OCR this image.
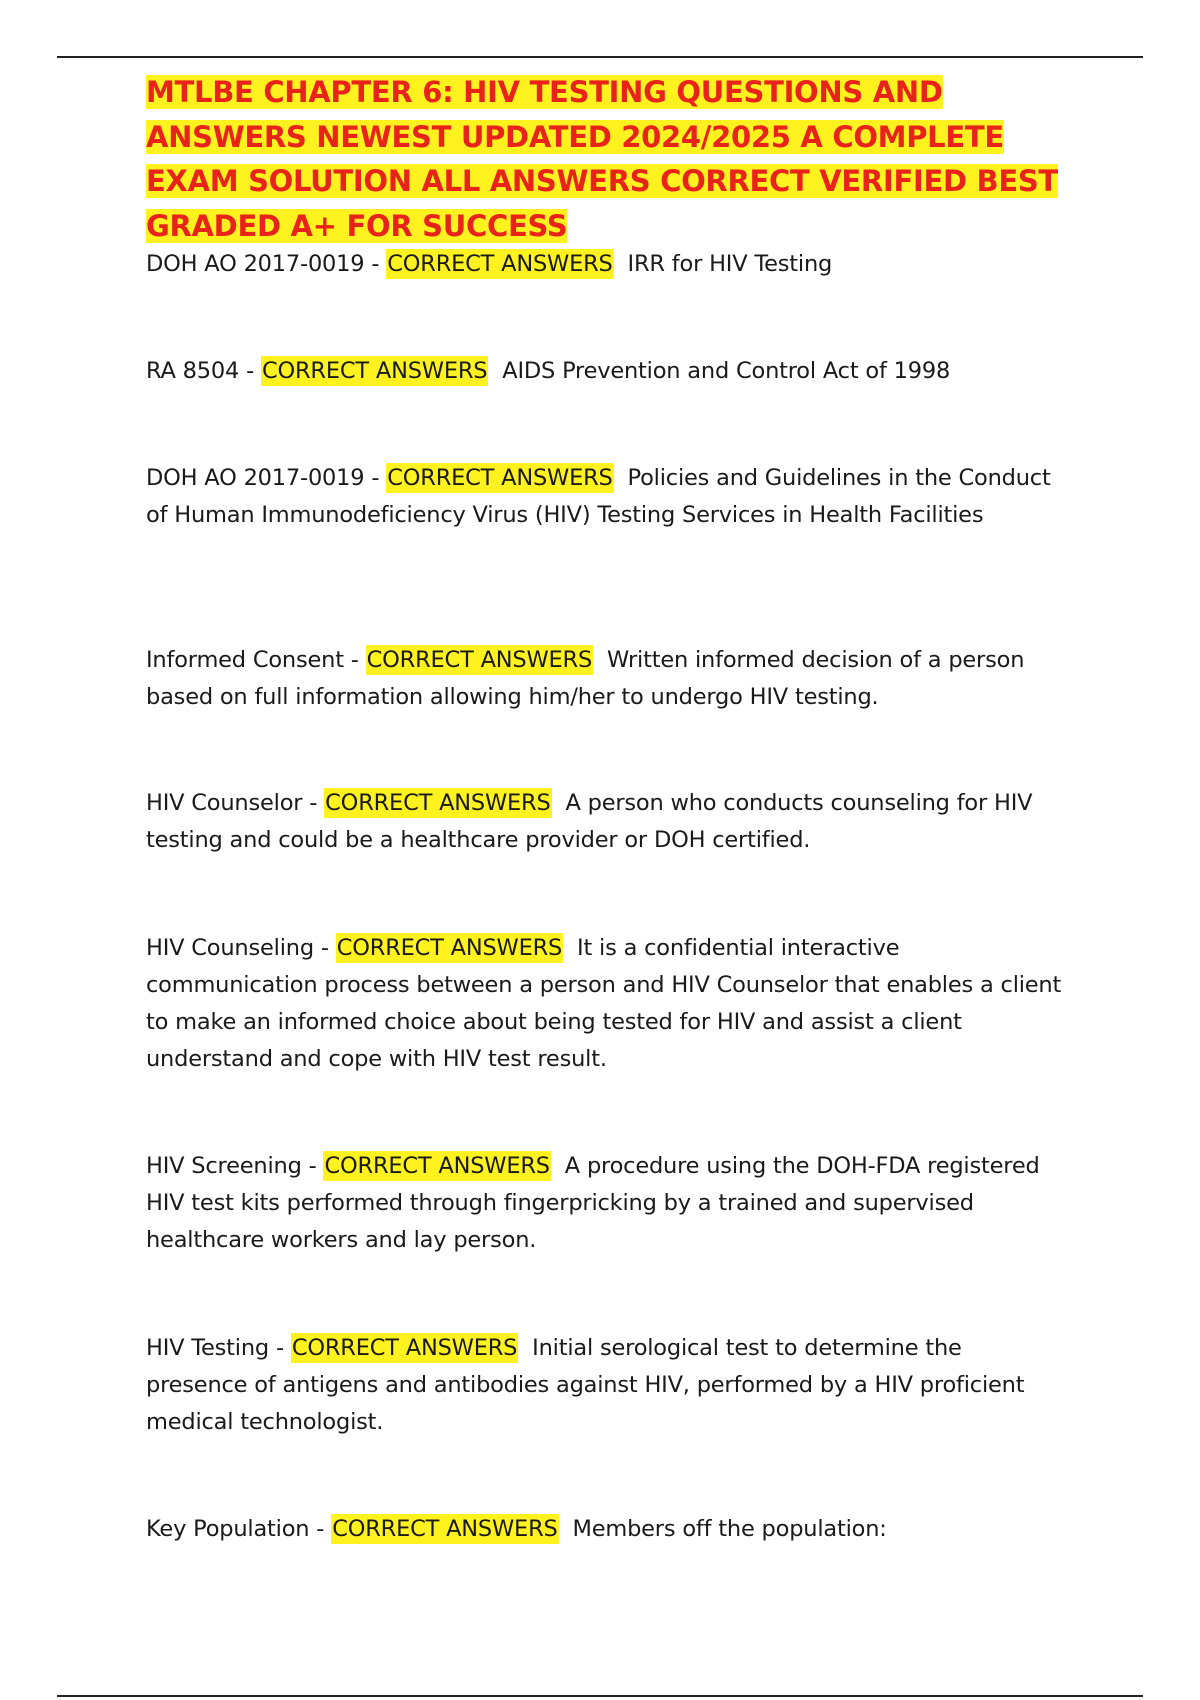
MTLBE CHAPTER 6: HIV TESTING QUESTIONS AND ANSWERS NEWEST UPDATED 2024/2025 A COMPLETE EXAM SOLUTION ALL ANSWERS CORRECT VERIFIED BEST GRADED A+ FOR SUCCESS

DOH AO 2017-0019 - CORRECT ANSWERS IRR for HIV Testing

RA 8504 - CORRECT ANSWERS AIDS Prevention and Control Act of 1998

DOH AO 2017-0019 - CORRECT ANSWERS Policies and Guidelines in the Conduct of Human Immunodeficiency Virus (HIV) Testing Services in Health Facilities

Informed Consent - CORRECT ANSWERS Written informed decision of a person based on full information allowing him/her to undergo HIV testing.

HIV Counselor - CORRECT ANSWERS A person who conducts counseling for HIV testing and could be a healthcare provider or DOH certified.

HIV Counseling - CORRECT ANSWERS It is a confidential interactive communication process between a person and HIV Counselor that enables a client to make an informed choice about being tested for HIV and assist a client understand and cope with HIV test result.

HIV Screening - CORRECT ANSWERS A procedure using the DOH-FDA registered HIV test kits performed through fingerpricking by a trained and supervised healthcare workers and lay person.

HIV Testing - CORRECT ANSWERS Initial serological test to determine the presence of antigens and antibodies against HIV, performed by a HIV proficient medical technologist.

Key Population - CORRECT ANSWERS Members off the population:
